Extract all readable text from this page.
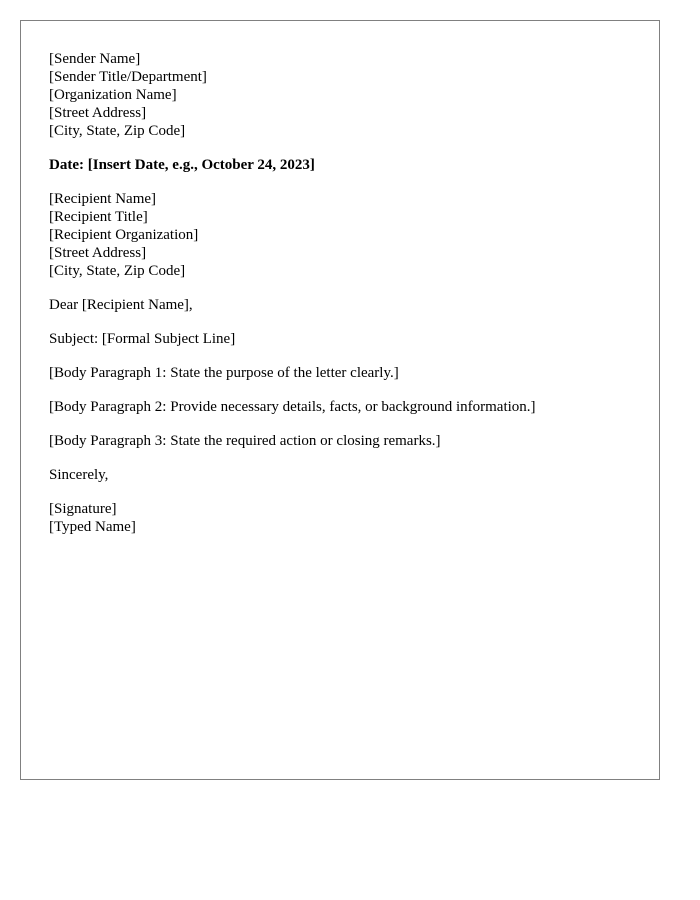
[Sender Name]
[Sender Title/Department]
[Organization Name]
[Street Address]
[City, State, Zip Code]
Date: [Insert Date, e.g., October 24, 2023]
[Recipient Name]
[Recipient Title]
[Recipient Organization]
[Street Address]
[City, State, Zip Code]
Dear [Recipient Name],
Subject: [Formal Subject Line]
[Body Paragraph 1: State the purpose of the letter clearly.]
[Body Paragraph 2: Provide necessary details, facts, or background information.]
[Body Paragraph 3: State the required action or closing remarks.]
Sincerely,
[Signature]
[Typed Name]
